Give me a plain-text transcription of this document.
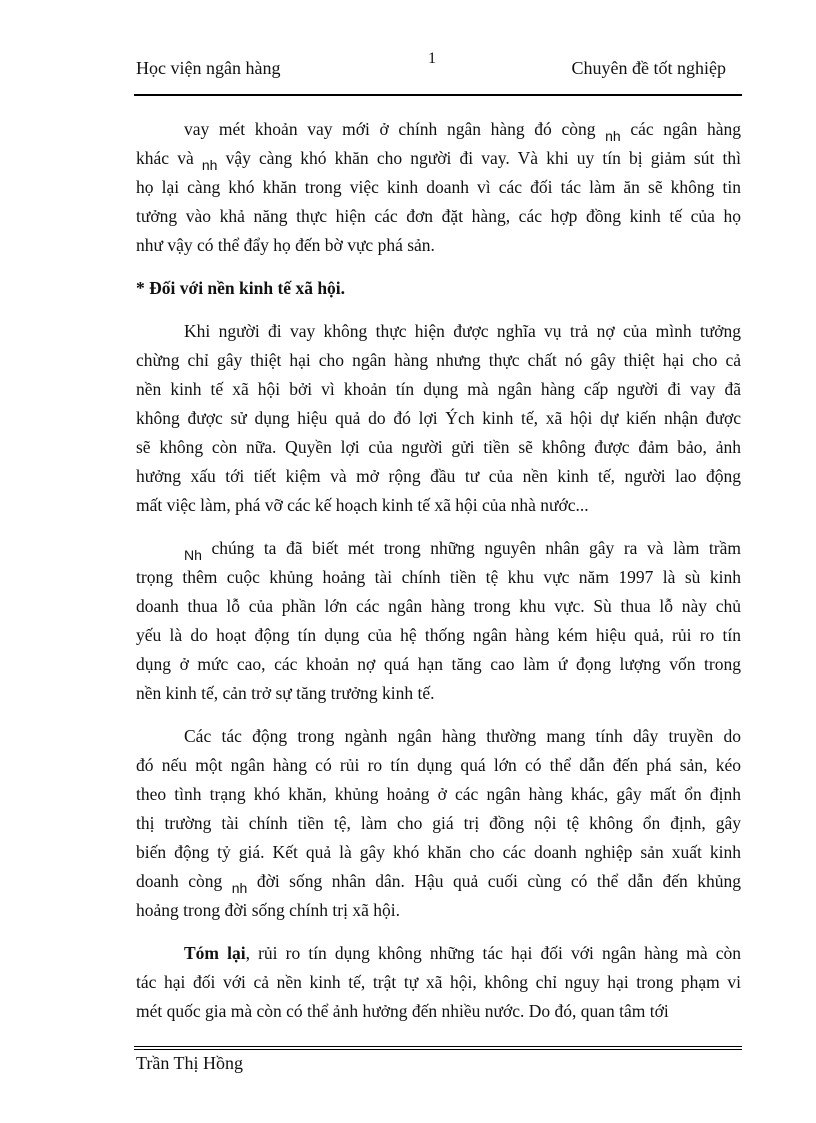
1
Học viện ngân hàng	Chuyên đề tốt nghiệp
vay mét khoản vay mới ở chính ngân hàng đó còng $_{nh}$ các ngân hàng
khác và $_{nh}$ vậy càng khó khăn cho người đi vay. Và khi uy tín bị giảm sút thì
họ lại càng khó khăn trong việc kinh doanh vì các đối tác làm ăn sẽ không tin
tưởng vào khả năng thực hiện các đơn đặt hàng, các hợp đồng kinh tế của họ
như vậy có thể đẩy họ đến bờ vực phá sản.
* Đối với nền kinh tế xã hội.
Khi người đi vay không thực hiện được nghĩa vụ trả nợ của mình tưởng
chừng chỉ gây thiệt hại cho ngân hàng nhưng thực chất nó gây thiệt hại cho cả
nền kinh tế xã hội bởi vì khoản tín dụng mà ngân hàng cấp người đi vay đã
không được sử dụng hiệu quả do đó lợi Ých kinh tế, xã hội dự kiến nhận được
sẽ không còn nữa. Quyền lợi của người gửi tiền sẽ không được đảm bảo, ảnh
hưởng xấu tới tiết kiệm và mở rộng đầu tư của nền kinh tế, người lao động
mất việc làm, phá vỡ các kế hoạch kinh tế xã hội của nhà nước...
$_{Nh}$ chúng ta đã biết mét trong những nguyên nhân gây ra và làm trầm
trọng thêm cuộc khủng hoảng tài chính tiền tệ khu vực năm 1997 là sù kinh
doanh thua lỗ của phần lớn các ngân hàng trong khu vực. Sù thua lỗ này chủ
yếu là do hoạt động tín dụng của hệ thống ngân hàng kém hiệu quả, rủi ro tín
dụng ở mức cao, các khoản nợ quá hạn tăng cao làm ứ đọng lượng vốn trong
nền kinh tế, cản trở sự tăng trưởng kinh tế.
Các tác động trong ngành ngân hàng thường mang tính dây truyền do
đó nếu một ngân hàng có rủi ro tín dụng quá lớn có thể dẫn đến phá sản, kéo
theo tình trạng khó khăn, khủng hoảng ở các ngân hàng khác, gây mất ổn định
thị trường tài chính tiền tệ, làm cho giá trị đồng nội tệ không ổn định, gây
biến động tỷ giá. Kết quả là gây khó khăn cho các doanh nghiệp sản xuất kinh
doanh còng $_{nh}$ đời sống nhân dân. Hậu quả cuối cùng có thể dẫn đến khủng
hoảng trong đời sống chính trị xã hội.
Tóm lại, rủi ro tín dụng không những tác hại đối với ngân hàng mà còn
tác hại đối với cả nền kinh tế, trật tự xã hội, không chỉ nguy hại trong phạm vi
mét quốc gia mà còn có thể ảnh hưởng đến nhiều nước. Do đó, quan tâm tới
Trần Thị Hồng
